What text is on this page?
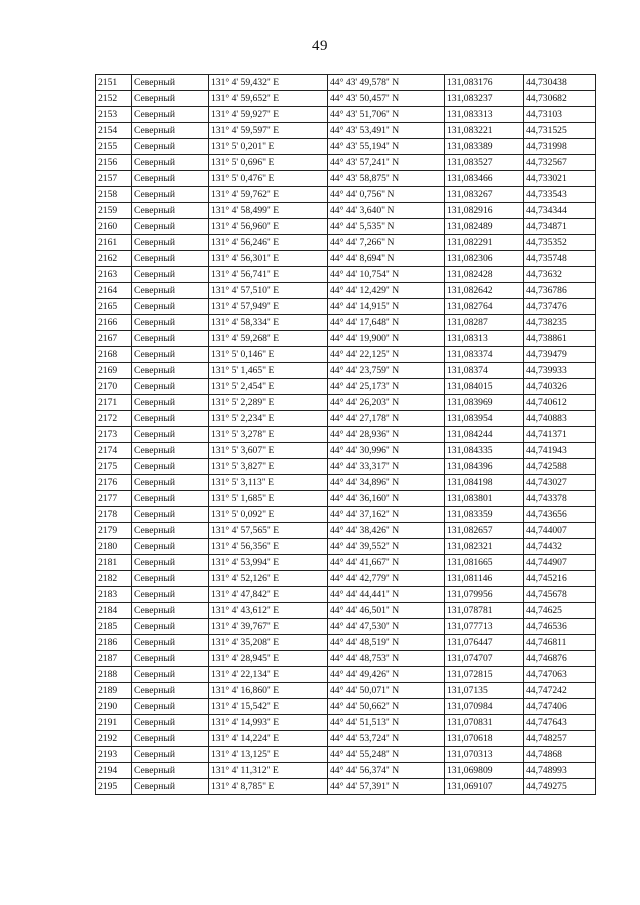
49
2151	Северный	131° 4' 59,432" E	44° 43' 49,578" N	131,083176	44,730438
2152	Северный	131° 4' 59,652" E	44° 43' 50,457" N	131,083237	44,730682
2153	Северный	131° 4' 59,927" E	44° 43' 51,706" N	131,083313	44,73103
2154	Северный	131° 4' 59,597" E	44° 43' 53,491" N	131,083221	44,731525
2155	Северный	131° 5' 0,201" E	44° 43' 55,194" N	131,083389	44,731998
2156	Северный	131° 5' 0,696" E	44° 43' 57,241" N	131,083527	44,732567
2157	Северный	131° 5' 0,476" E	44° 43' 58,875" N	131,083466	44,733021
2158	Северный	131° 4' 59,762" E	44° 44' 0,756" N	131,083267	44,733543
2159	Северный	131° 4' 58,499" E	44° 44' 3,640" N	131,082916	44,734344
2160	Северный	131° 4' 56,960" E	44° 44' 5,535" N	131,082489	44,734871
2161	Северный	131° 4' 56,246" E	44° 44' 7,266" N	131,082291	44,735352
2162	Северный	131° 4' 56,301" E	44° 44' 8,694" N	131,082306	44,735748
2163	Северный	131° 4' 56,741" E	44° 44' 10,754" N	131,082428	44,73632
2164	Северный	131° 4' 57,510" E	44° 44' 12,429" N	131,082642	44,736786
2165	Северный	131° 4' 57,949" E	44° 44' 14,915" N	131,082764	44,737476
2166	Северный	131° 4' 58,334" E	44° 44' 17,648" N	131,08287	44,738235
2167	Северный	131° 4' 59,268" E	44° 44' 19,900" N	131,08313	44,738861
2168	Северный	131° 5' 0,146" E	44° 44' 22,125" N	131,083374	44,739479
2169	Северный	131° 5' 1,465" E	44° 44' 23,759" N	131,08374	44,739933
2170	Северный	131° 5' 2,454" E	44° 44' 25,173" N	131,084015	44,740326
2171	Северный	131° 5' 2,289" E	44° 44' 26,203" N	131,083969	44,740612
2172	Северный	131° 5' 2,234" E	44° 44' 27,178" N	131,083954	44,740883
2173	Северный	131° 5' 3,278" E	44° 44' 28,936" N	131,084244	44,741371
2174	Северный	131° 5' 3,607" E	44° 44' 30,996" N	131,084335	44,741943
2175	Северный	131° 5' 3,827" E	44° 44' 33,317" N	131,084396	44,742588
2176	Северный	131° 5' 3,113" E	44° 44' 34,896" N	131,084198	44,743027
2177	Северный	131° 5' 1,685" E	44° 44' 36,160" N	131,083801	44,743378
2178	Северный	131° 5' 0,092" E	44° 44' 37,162" N	131,083359	44,743656
2179	Северный	131° 4' 57,565" E	44° 44' 38,426" N	131,082657	44,744007
2180	Северный	131° 4' 56,356" E	44° 44' 39,552" N	131,082321	44,74432
2181	Северный	131° 4' 53,994" E	44° 44' 41,667" N	131,081665	44,744907
2182	Северный	131° 4' 52,126" E	44° 44' 42,779" N	131,081146	44,745216
2183	Северный	131° 4' 47,842" E	44° 44' 44,441" N	131,079956	44,745678
2184	Северный	131° 4' 43,612" E	44° 44' 46,501" N	131,078781	44,74625
2185	Северный	131° 4' 39,767" E	44° 44' 47,530" N	131,077713	44,746536
2186	Северный	131° 4' 35,208" E	44° 44' 48,519" N	131,076447	44,746811
2187	Северный	131° 4' 28,945" E	44° 44' 48,753" N	131,074707	44,746876
2188	Северный	131° 4' 22,134" E	44° 44' 49,426" N	131,072815	44,747063
2189	Северный	131° 4' 16,860" E	44° 44' 50,071" N	131,07135	44,747242
2190	Северный	131° 4' 15,542" E	44° 44' 50,662" N	131,070984	44,747406
2191	Северный	131° 4' 14,993" E	44° 44' 51,513" N	131,070831	44,747643
2192	Северный	131° 4' 14,224" E	44° 44' 53,724" N	131,070618	44,748257
2193	Северный	131° 4' 13,125" E	44° 44' 55,248" N	131,070313	44,74868
2194	Северный	131° 4' 11,312" E	44° 44' 56,374" N	131,069809	44,748993
2195	Северный	131° 4' 8,785" E	44° 44' 57,391" N	131,069107	44,749275
